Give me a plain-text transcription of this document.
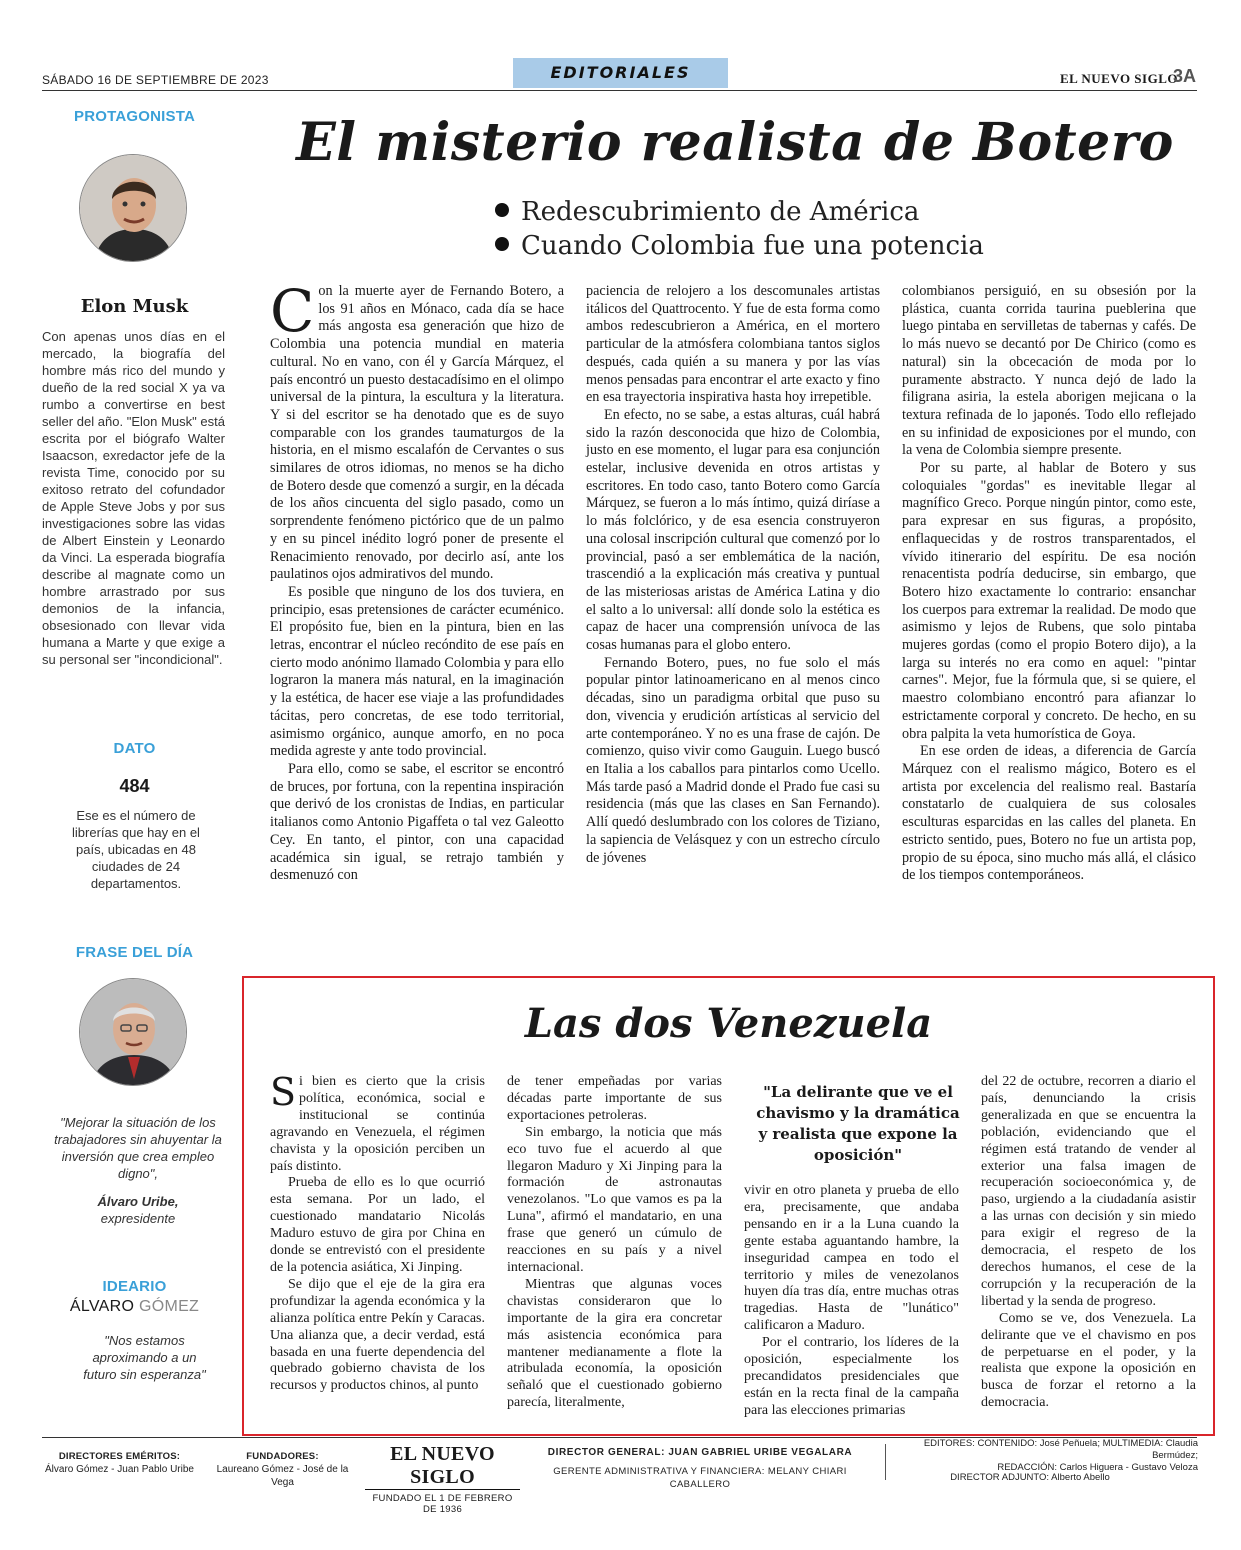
SÁBADO 16 DE SEPTIEMBRE DE 2023	EDITORIALES	EL NUEVO SIGLO
3A
PROTAGONISTA
Elon Musk
Con apenas unos días en el mercado, la biografía del hombre más rico del mundo y dueño de la red social X ya va rumbo a convertirse en best seller del año. "Elon Musk" está escrita por el biógrafo Walter Isaacson, exredactor jefe de la revista Time, conocido por su exitoso retrato del cofundador de Apple Steve Jobs y por sus investigaciones sobre las vidas de Albert Einstein y Leonardo da Vinci. La esperada biografía describe al magnate como un hombre arrastrado por sus demonios de la infancia, obsesionado con llevar vida humana a Marte y que exige a su personal ser "incondicional".
DATO
484
Ese es el número de librerías que hay en el país, ubicadas en 48 ciudades de 24 departamentos.
FRASE DEL DÍA
"Mejorar la situación de los trabajadores sin ahuyentar la inversión que crea empleo digno",
Álvaro Uribe,
expresidente
IDEARIO
ÁLVARO GÓMEZ
"Nos estamos aproximando a un futuro sin esperanza"
El misterio realista de Botero
Redescubrimiento de América
Cuando Colombia fue una potencia

Con la muerte ayer de Fernando Botero, a los 91 años en Mónaco, cada día se hace más angosta esa generación que hizo de Colombia una potencia mundial en materia cultural. No en vano, con él y García Márquez, el país encontró un puesto destacadísimo en el olimpo universal de la pintura, la escultura y la literatura. Y si del escritor se ha denotado que es de suyo comparable con los grandes taumaturgos de la historia, en el mismo escalafón de Cervantes o sus similares de otros idiomas, no menos se ha dicho de Botero desde que comenzó a surgir, en la década de los años cincuenta del siglo pasado, como un sorprendente fenómeno pictórico que de un palmo y en su pincel inédito logró poner de presente el Renacimiento renovado, por decirlo así, ante los paulatinos ojos admirativos del mundo.

Es posible que ninguno de los dos tuviera, en principio, esas pretensiones de carácter ecuménico. El propósito fue, bien en la pintura, bien en las letras, encontrar el núcleo recóndito de ese país en cierto modo anónimo llamado Colombia y para ello lograron la manera más natural, en la imaginación y la estética, de hacer ese viaje a las profundidades tácitas, pero concretas, de ese todo territorial, asimismo orgánico, aunque amorfo, en no poca medida agreste y ante todo provincial.

Para ello, como se sabe, el escritor se encontró de bruces, por fortuna, con la repentina inspiración que derivó de los cronistas de Indias, en particular italianos como Antonio Pigaffeta o tal vez Galeotto Cey. En tanto, el pintor, con una capacidad académica sin igual, se retrajo también y desmenuzó con

paciencia de relojero a los descomunales artistas itálicos del Quattrocento. Y fue de esta forma como ambos redescubrieron a América, en el mortero particular de la atmósfera colombiana tantos siglos después, cada quién a su manera y por las vías menos pensadas para encontrar el arte exacto y fino en esa trayectoria inspirativa hasta hoy irrepetible.

En efecto, no se sabe, a estas alturas, cuál habrá sido la razón desconocida que hizo de Colombia, justo en ese momento, el lugar para esa conjunción estelar, inclusive devenida en otros artistas y escritores. En todo caso, tanto Botero como García Márquez, se fueron a lo más íntimo, quizá diríase a lo más folclórico, y de esa esencia construyeron una colosal inscripción cultural que comenzó por lo provincial, pasó a ser emblemática de la nación, trascendió a la explicación más creativa y puntual de las misteriosas aristas de América Latina y dio el salto a lo universal: allí donde solo la estética es capaz de hacer una comprensión unívoca de las cosas humanas para el globo entero.

Fernando Botero, pues, no fue solo el más popular pintor latinoamericano en al menos cinco décadas, sino un paradigma orbital que puso su don, vivencia y erudición artísticas al servicio del arte contemporáneo. Y no es una frase de cajón. De comienzo, quiso vivir como Gauguin. Luego buscó en Italia a los caballos para pintarlos como Ucello. Más tarde pasó a Madrid donde el Prado fue casi su residencia (más que las clases en San Fernando). Allí quedó deslumbrado con los colores de Tiziano, la sapiencia de Velásquez y con un estrecho círculo de jóvenes

colombianos persiguió, en su obsesión por la plástica, cuanta corrida taurina pueblerina que luego pintaba en servilletas de tabernas y cafés. De lo más nuevo se decantó por De Chirico (como es natural) sin la obcecación de moda por lo puramente abstracto. Y nunca dejó de lado la filigrana asiria, la estela aborigen mejicana o la textura refinada de lo japonés. Todo ello reflejado en su infinidad de exposiciones por el mundo, con la vena de Colombia siempre presente.

Por su parte, al hablar de Botero y sus coloquiales "gordas" es inevitable llegar al magnífico Greco. Porque ningún pintor, como este, para expresar en sus figuras, a propósito, enflaquecidas y de rostros transparentados, el vívido itinerario del espíritu. De esa noción renacentista podría deducirse, sin embargo, que Botero hizo exactamente lo contrario: ensanchar los cuerpos para extremar la realidad. De modo que asimismo y lejos de Rubens, que solo pintaba mujeres gordas (como el propio Botero dijo), a la larga su interés no era como en aquel: "pintar carnes". Mejor, fue la fórmula que, si se quiere, el maestro colombiano encontró para afianzar lo estrictamente corporal y concreto. De hecho, en su obra palpita la veta humorística de Goya.

En ese orden de ideas, a diferencia de García Márquez con el realismo mágico, Botero es el artista por excelencia del realismo real. Bastaría constatarlo de cualquiera de sus colosales esculturas esparcidas en las calles del planeta. En estricto sentido, pues, Botero no fue un artista pop, propio de su época, sino mucho más allá, el clásico de los tiempos contemporáneos.

Las dos Venezuela

Si bien es cierto que la crisis política, económica, social e institucional se continúa agravando en Venezuela, el régimen chavista y la oposición perciben un país distinto.

Prueba de ello es lo que ocurrió esta semana. Por un lado, el cuestionado mandatario Nicolás Maduro estuvo de gira por China en donde se entrevistó con el presidente de la potencia asiática, Xi Jinping.

Se dijo que el eje de la gira era profundizar la agenda económica y la alianza política entre Pekín y Caracas. Una alianza que, a decir verdad, está basada en una fuerte dependencia del quebrado gobierno chavista de los recursos y productos chinos, al punto

de tener empeñadas por varias décadas parte importante de sus exportaciones petroleras.

Sin embargo, la noticia que más eco tuvo fue el acuerdo al que llegaron Maduro y Xi Jinping para la formación de astronautas venezolanos. "Lo que vamos es pa la Luna", afirmó el mandatario, en una frase que generó un cúmulo de reacciones en su país y a nivel internacional.

Mientras que algunas voces chavistas consideraron que lo importante de la gira era concretar más asistencia económica para mantener medianamente a flote la atribulada economía, la oposición señaló que el cuestionado gobierno parecía, literalmente,

"La delirante que ve el chavismo y la dramática y realista que expone la oposición"

vivir en otro planeta y prueba de ello era, precisamente, que andaba pensando en ir a la Luna cuando la gente estaba aguantando hambre, la inseguridad campea en todo el territorio y miles de venezolanos huyen día tras día, entre muchas otras tragedias. Hasta de "lunático" calificaron a Maduro.

Por el contrario, los líderes de la oposición, especialmente los precandidatos presidenciales que están en la recta final de la campaña para las elecciones primarias

del 22 de octubre, recorren a diario el país, denunciando la crisis generalizada en que se encuentra la población, evidenciando que el régimen está tratando de vender al exterior una falsa imagen de recuperación socioeconómica y, de paso, urgiendo a la ciudadanía asistir a las urnas con decisión y sin miedo para exigir el regreso de la democracia, el respeto de los derechos humanos, el cese de la corrupción y la recuperación de la libertad y la senda de progreso.

Como se ve, dos Venezuela. La delirante que ve el chavismo en pos de perpetuarse en el poder, y la realista que expone la oposición en busca de forzar el retorno a la democracia.

DIRECTORES EMÉRITOS:
Álvaro Gómez - Juan Pablo Uribe
FUNDADORES:
Laureano Gómez - José de la Vega
EL NUEVO SIGLO
FUNDADO EL 1 DE FEBRERO DE 1936
DIRECTOR GENERAL: JUAN GABRIEL URIBE VEGALARA
GERENTE ADMINISTRATIVA Y FINANCIERA: MELANY CHIARI CABALLERO
EDITORES: CONTENIDO: José Peñuela; MULTIMEDIA: Claudia Bermúdez;
REDACCIÓN: Carlos Higuera - Gustavo Veloza
DIRECTOR ADJUNTO: Alberto Abello
